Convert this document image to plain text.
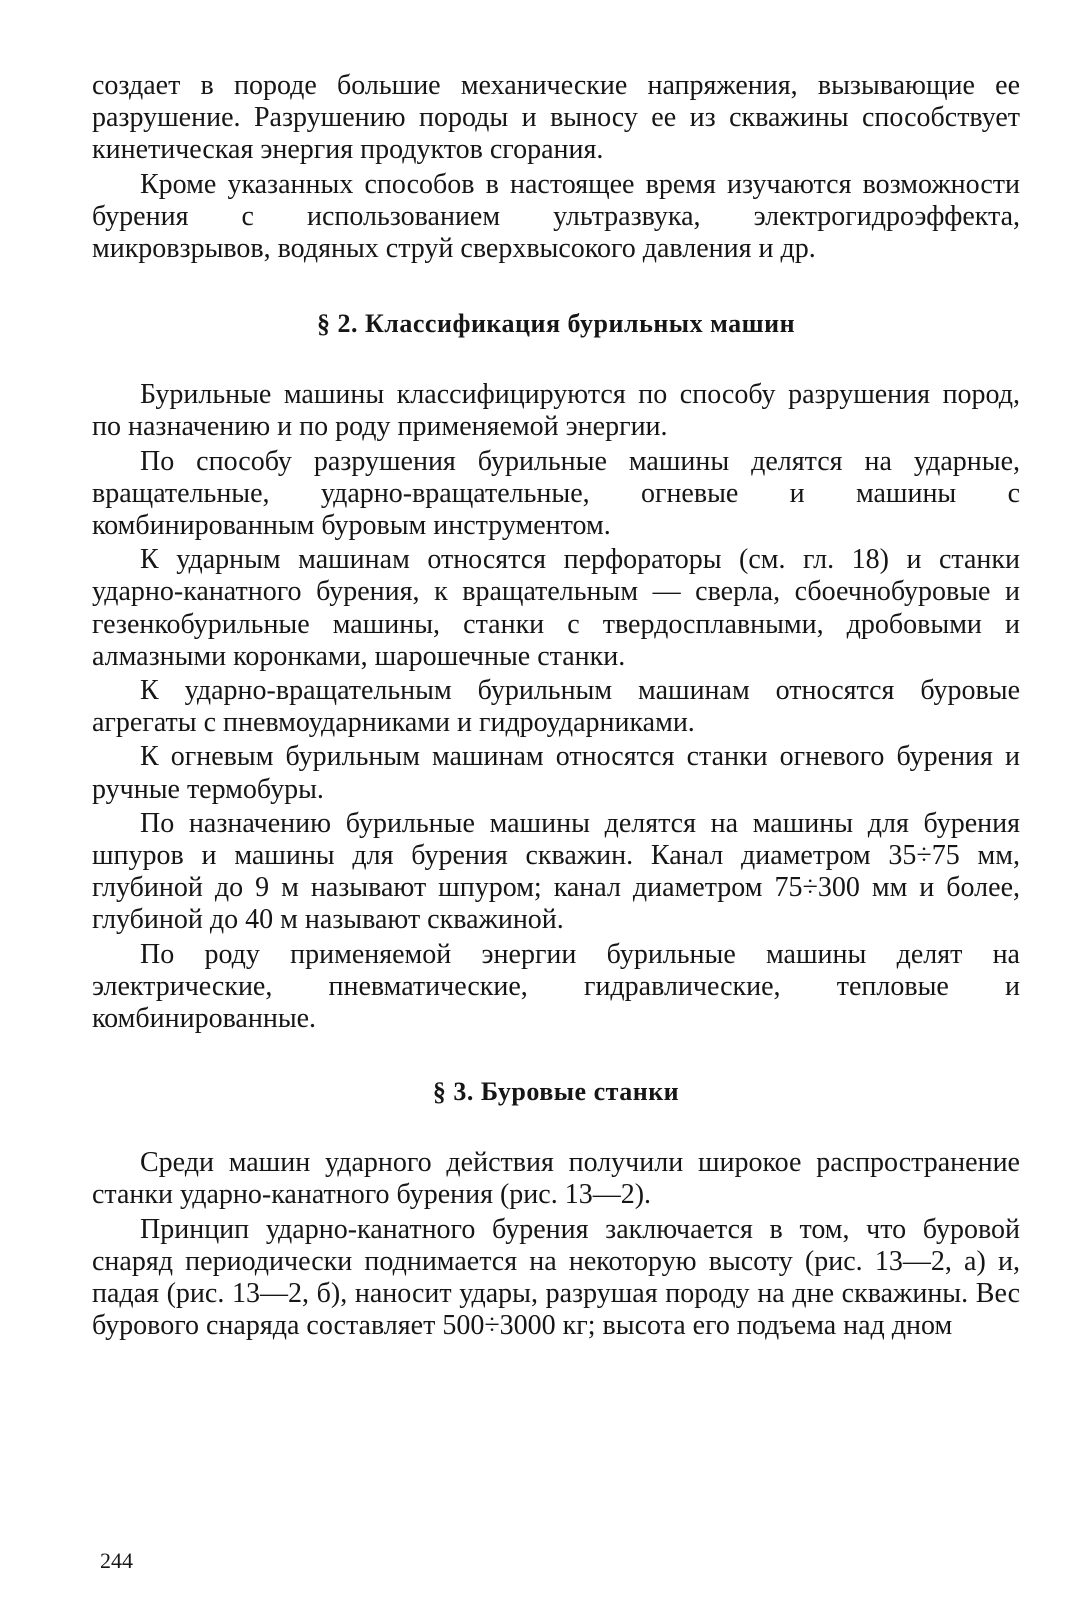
создает в породе большие механические напряжения, вызывающие ее разрушение. Разрушению породы и выносу ее из скважины способствует кинетическая энергия продуктов сгорания.

Кроме указанных способов в настоящее время изучаются возможности бурения с использованием ультразвука, электрогидроэффекта, микровзрывов, водяных струй сверхвысокого давления и др.

§ 2. Классификация бурильных машин

Бурильные машины классифицируются по способу разрушения пород, по назначению и по роду применяемой энергии.

По способу разрушения бурильные машины делятся на ударные, вращательные, ударно-вращательные, огневые и машины с комбинированным буровым инструментом.

К ударным машинам относятся перфораторы (см. гл. 18) и станки ударно-канатного бурения, к вращательным — сверла, сбоечнобуровые и гезенкобурильные машины, станки с твердосплавными, дробовыми и алмазными коронками, шарошечные станки.

К ударно-вращательным бурильным машинам относятся буровые агрегаты с пневмоударниками и гидроударниками.

К огневым бурильным машинам относятся станки огневого бурения и ручные термобуры.

По назначению бурильные машины делятся на машины для бурения шпуров и машины для бурения скважин. Канал диаметром 35÷75 мм, глубиной до 9 м называют шпуром; канал диаметром 75÷300 мм и более, глубиной до 40 м называют скважиной.

По роду применяемой энергии бурильные машины делят на электрические, пневматические, гидравлические, тепловые и комбинированные.

§ 3. Буровые станки

Среди машин ударного действия получили широкое распространение станки ударно-канатного бурения (рис. 13—2).

Принцип ударно-канатного бурения заключается в том, что буровой снаряд периодически поднимается на некоторую высоту (рис. 13—2, а) и, падая (рис. 13—2, б), наносит удары, разрушая породу на дне скважины. Вес бурового снаряда составляет 500÷3000 кг; высота его подъема над дном

244
